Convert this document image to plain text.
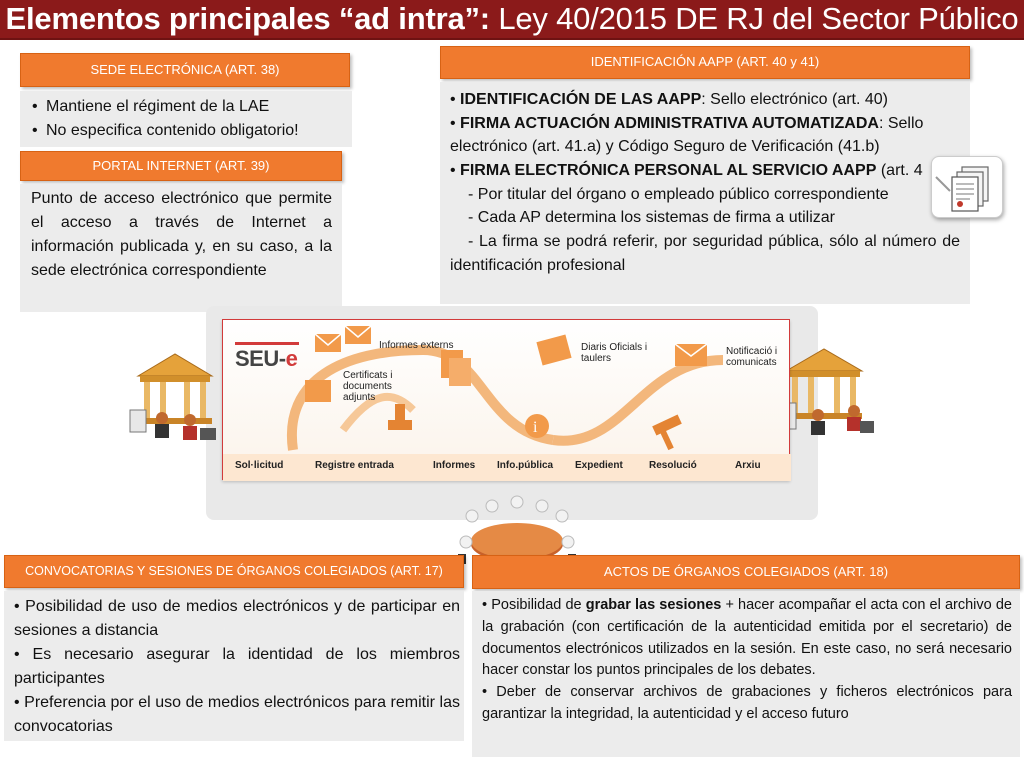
Elementos principales “ad intra”: Ley 40/2015 DE RJ del Sector Público
SEDE ELECTRÓNICA (ART. 38)
• Mantiene el régiment de la LAE
• No especifica contenido obligatorio!
PORTAL INTERNET (ART. 39)

Punto de acceso electrónico que permite el acceso a través de Internet a información publicada y, en su caso, a la sede electrónica correspondiente

IDENTIFICACIÓN AAPP (ART. 40 y 41)

• IDENTIFICACIÓN DE LAS AAPP: Sello electrónico (art. 40)

• FIRMA ACTUACIÓN ADMINISTRATIVA AUTOMATIZADA: Sello electrónico (art. 41.a) y Código Seguro de Verificación (41.b)

• FIRMA ELECTRÓNICA PERSONAL AL SERVICIO AAPP (art. 4

- Por titular del órgano o empleado público correspondiente

- Cada AP determina los sistemas de firma a utilizar

- La firma se podrá referir, por seguridad pública, sólo al número de identificación profesional

i
SEU-e
Informes externs
Certificats i documents adjunts
Diaris Oficials i taulers
Notificació i comunicats
Sol·licitud	Registre entrada	Informes Info.pública Expedient	Resolució	Arxiu
CONVOCATORIAS Y SESIONES DE ÓRGANOS COLEGIADOS (ART. 17)

• Posibilidad de uso de medios electrónicos y de participar en sesiones a distancia

• Es necesario asegurar la identidad de los miembros participantes

• Preferencia por el uso de medios electrónicos para remitir las convocatorias

ACTOS DE ÓRGANOS COLEGIADOS (ART. 18)

• Posibilidad de grabar las sesiones + hacer acompañar el acta con el archivo de la grabación (con certificación de la autenticidad emitida por el secretario) de documentos electrónicos utilizados en la sesión. En este caso, no será necesario hacer constar los puntos principales de los debates.

• Deber de conservar archivos de grabaciones y ficheros electrónicos para garantizar la integridad, la autenticidad y el acceso futuro
